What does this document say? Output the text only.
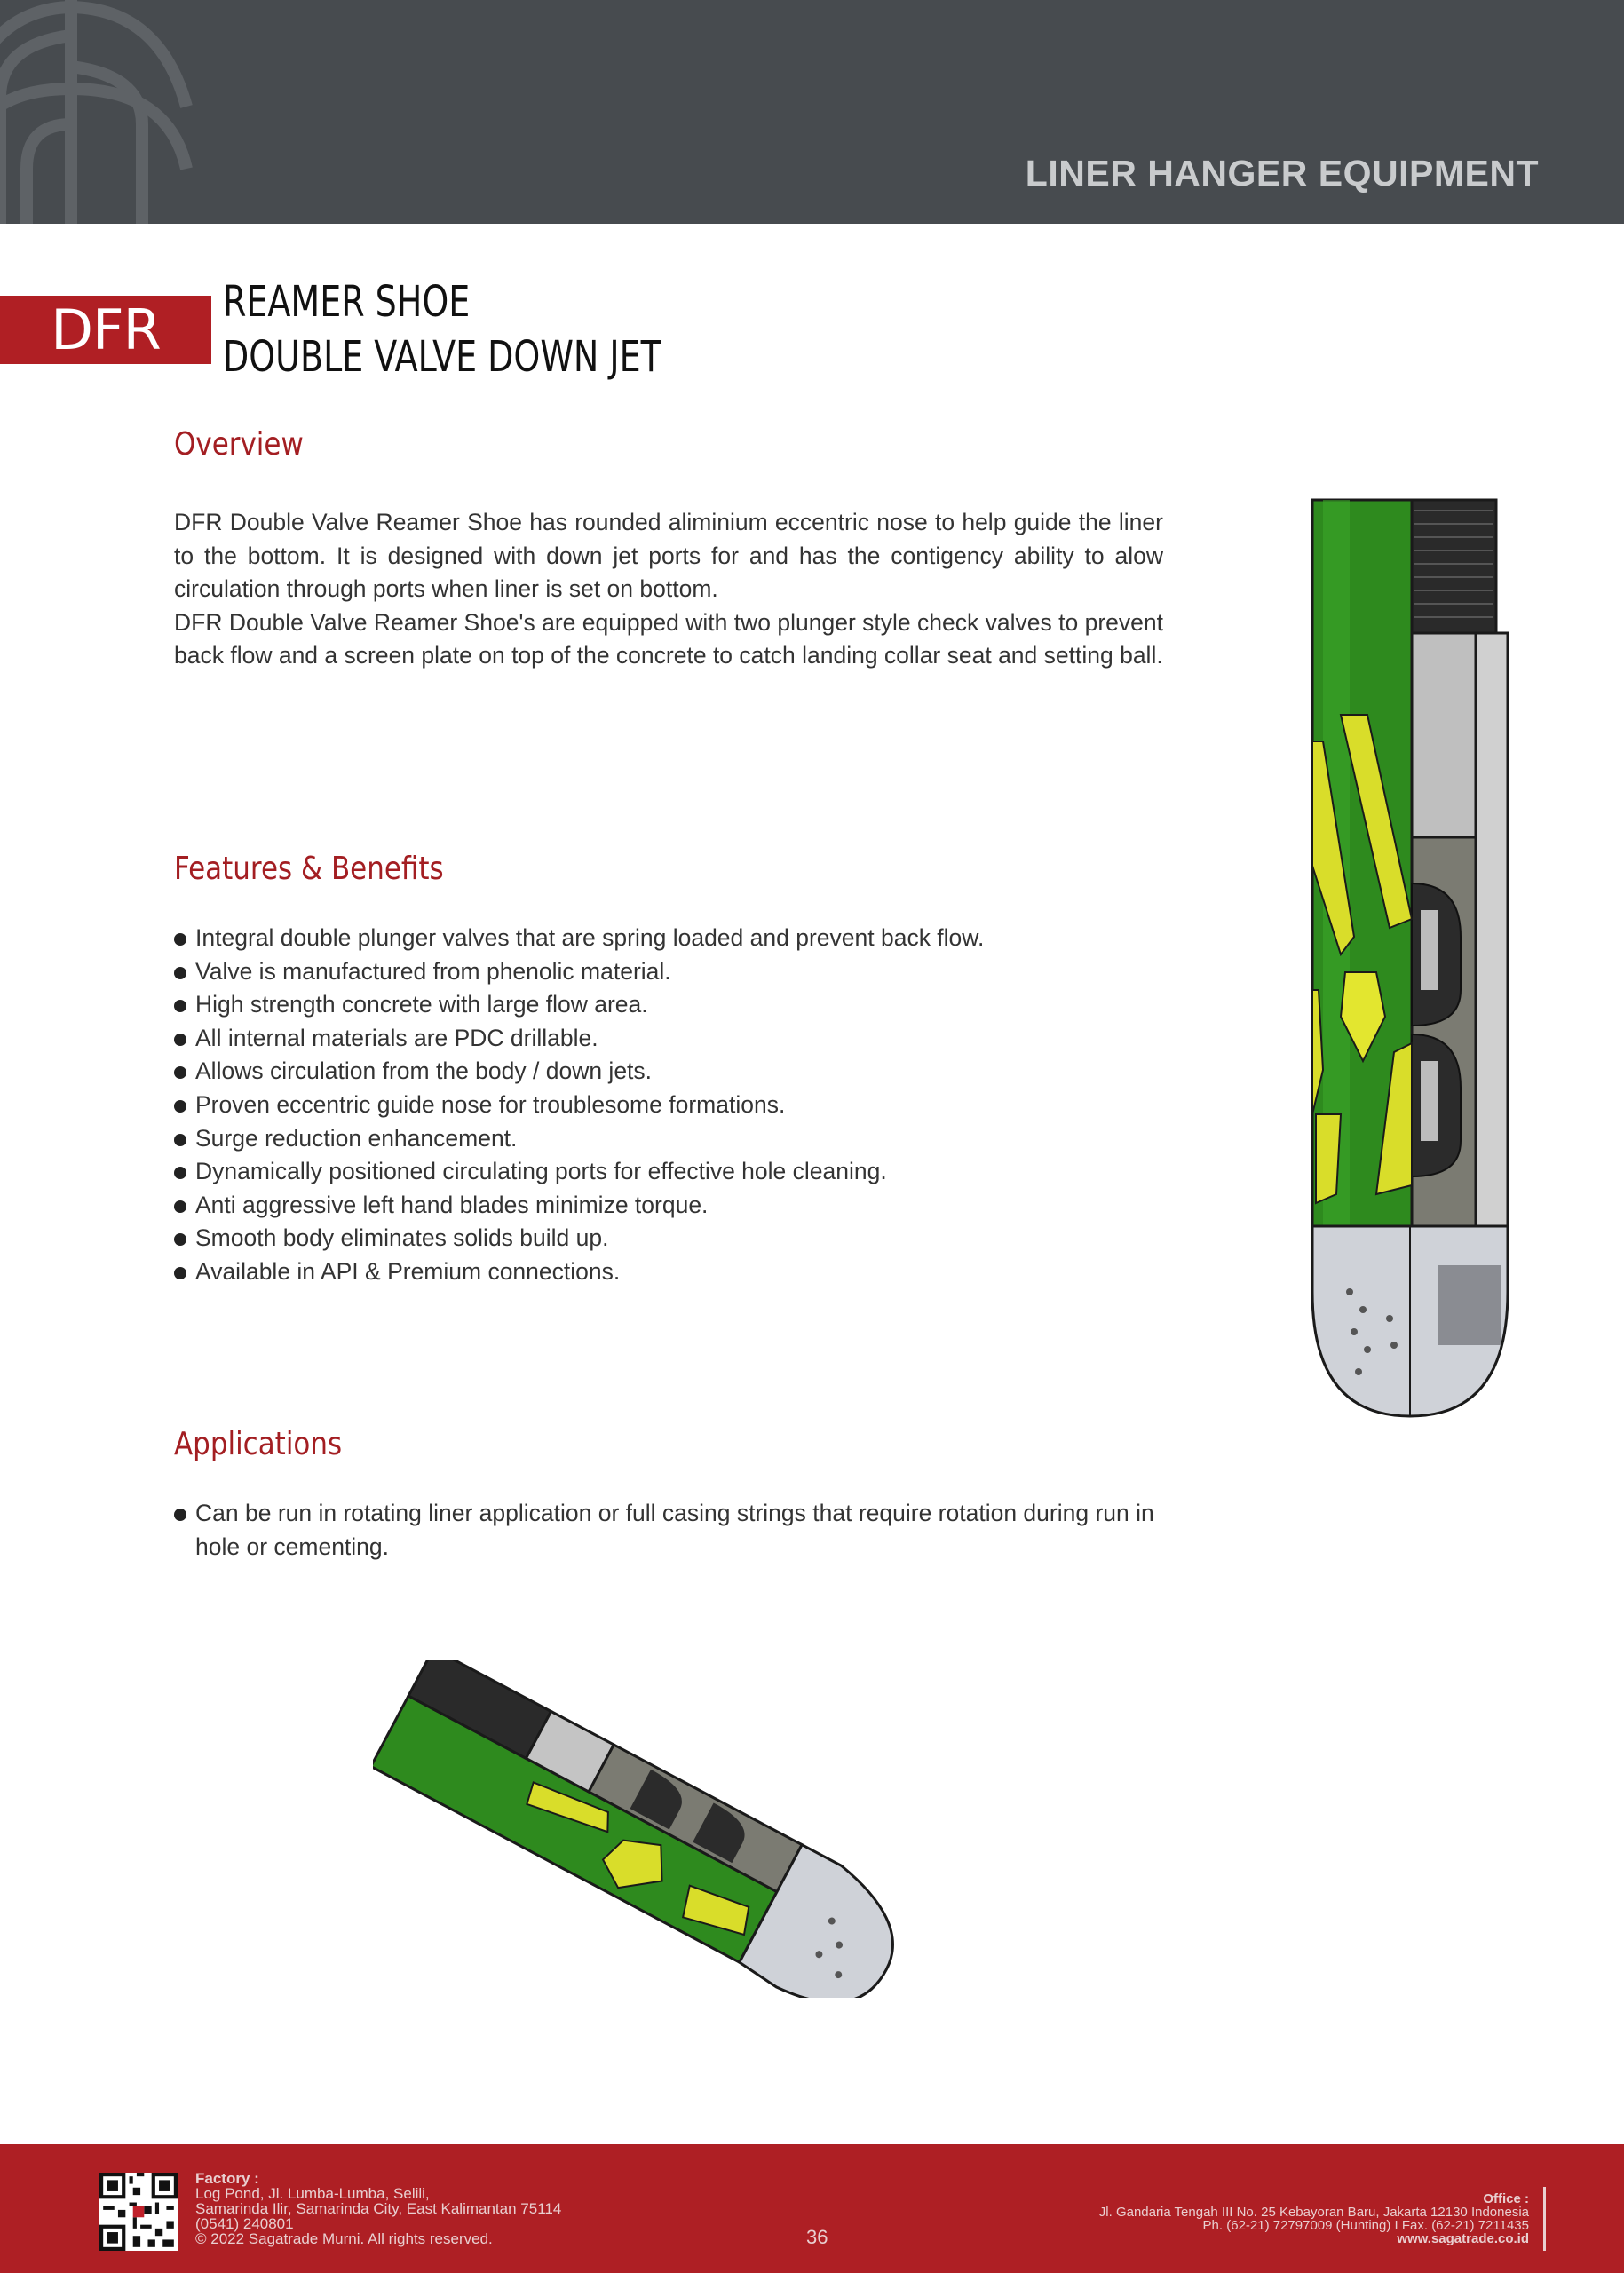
LINER HANGER EQUIPMENT
DFR	REAMER SHOE
DOUBLE VALVE DOWN JET
Overview

DFR Double Valve Reamer Shoe has rounded aliminium eccentric nose to help guide the liner to the bottom. It is designed with down jet ports for and has the contigency ability to alow circulation through ports when liner is set on bottom.

DFR Double Valve Reamer Shoe's are equipped with two plunger style check valves to prevent back flow and a screen plate on top of the concrete to catch landing collar seat and setting ball.

Features & Benefits
Integral double plunger valves that are spring loaded and prevent back flow.
Valve is manufactured from phenolic material.
High strength concrete with large flow area.
All internal materials are PDC drillable.
Allows circulation from the body / down jets.
Proven eccentric guide nose for troublesome formations.
Surge reduction enhancement.
Dynamically positioned circulating ports for effective hole cleaning.
Anti aggressive left hand blades minimize torque.
Smooth body eliminates solids build up.
Available in API & Premium connections.
Applications
Can be run in rotating liner application or full casing strings that require rotation during run in hole or cementing.
Factory :
Log Pond, Jl. Lumba-Lumba, Selili,
Samarinda Ilir, Samarinda City, East Kalimantan 75114
(0541) 240801
© 2022 Sagatrade Murni. All rights reserved.	36
Office :
Jl. Gandaria Tengah III No. 25 Kebayoran Baru, Jakarta 12130 Indonesia
Ph. (62-21) 72797009 (Hunting) I Fax. (62-21) 7211435
www.sagatrade.co.id
